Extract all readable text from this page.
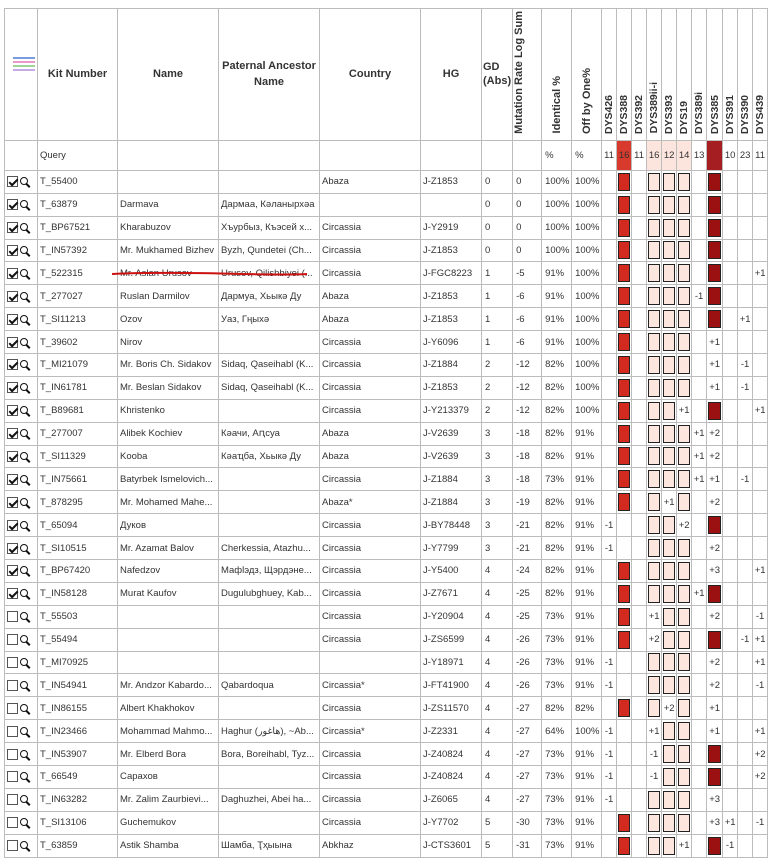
	Kit Number	Name	Paternal Ancestor Name	Country	HG	GD (Abs)	Mutation Rate Log Sum	Identical %	Off by One%	DYS426	DYS388	DYS392	DYS389ii-i	DYS393	DYS19	DYS389i	DYS385	DYS391	DYS390	DYS439
	Query							%	%	11	16	11	16	12	14	13		10	23	11

	T_55400			Abaza	J-Z1853	0	0	100%	100%		

	T_63879	Darmava	Дармаа, Кәланырхәа			0	0	100%	100%		

	T_BP67521	Kharabuzov	Хъурбыз, Къэсей х...	Circassia	J-Y2919	0	0	100%	100%		

	T_IN57392	Mr. Mukhamed Bizhev	Byzh, Qundetei (Ch...	Circassia	J-Z1853	0	0	100%	100%		

	T_522315	Mr. Aslan Urusov	Urusov, Qilishbiyei (...	Circassia	J-FGC8223	1	-5	91%	100%											+1

	T_277027	Ruslan Darmilov	Дармуа, Хьыкә Ду	Abaza	J-Z1853	1	-6	91%	100%							-1	

	T_SI11213	Ozov	Уаз, Гңыхә	Abaza	J-Z1853	1	-6	91%	100%										+1	

	T_39602	Nirov		Circassia	J-Y6096	1	-6	91%	100%								+1			

	T_MI21079	Mr. Boris Ch. Sidakov	Sidaq, Qaseihabl (K...	Circassia	J-Z1884	2	-12	82%	100%								+1		-1	

	T_IN61781	Mr. Beslan Sidakov	Sidaq, Qaseihabl (K...	Circassia	J-Z1853	2	-12	82%	100%								+1		-1	

	T_B89681	Khristenko		Circassia	J-Y213379	2	-12	82%	100%						+1					+1

	T_277007	Alibek Kochiev	Кәачи, Аԥсуа	Abaza	J-V2639	3	-18	82%	91%							+1	+2			

	T_SI11329	Kooba	Кәаҵба, Хьыкә Ду	Abaza	J-V2639	3	-18	82%	91%							+1	+2			

	T_IN75661	Batyrbek Ismelovich...		Circassia	J-Z1884	3	-18	73%	91%							+1	+1		-1	

	T_878295	Mr. Mohamed Mahe...		Abaza*	J-Z1884	3	-19	82%	91%					+1			+2			

	T_65094	Дуков		Circassia	J-BY78448	3	-21	82%	91%	-1					+2		

	T_SI10515	Mr. Azamat Balov	Cherkessia, Atazhu...	Circassia	J-Y7799	3	-21	82%	91%	-1							+2			

	T_BP67420	Nafedzov	Мафӏэдз, Щэрдэне...	Circassia	J-Y5400	4	-24	82%	91%								+3			+1

	T_IN58128	Murat Kaufov	Dugulubghuey, Kab...	Circassia	J-Z7671	4	-25	82%	91%							+1	

	T_55503			Circassia	J-Y20904	4	-25	73%	91%				+1				+2			-1

	T_55494			Circassia	J-ZS6599	4	-26	73%	91%				+2						-1	+1

	T_MI70925				J-Y18971	4	-26	73%	91%	-1							+2			+1

	T_IN54941	Mr. Andzor Kabardo...	Qabardoqua	Circassia*	J-FT41900	4	-26	73%	91%	-1							+2			-1

	T_IN86155	Albert Khakhokov		Circassia	J-ZS11570	4	-27	82%	82%					+2			+1			

	T_IN23466	Mohammad Mahmo...	Haghur (هاغور), ~Ab...	Circassia*	J-Z2331	4	-27	64%	100%	-1			+1				+1			+1

	T_IN53907	Mr. Elberd Bora	Bora, Boreihabl, Tyz...	Circassia	J-Z40824	4	-27	73%	91%	-1			-1							+2

	T_66549	Сарахов		Circassia	J-Z40824	4	-27	73%	91%	-1			-1							+2

	T_IN63282	Mr. Zalim Zaurbievi...	Daghuzhei, Abei ha...	Circassia	J-Z6065	4	-27	73%	91%	-1							+3			

	T_SI13106	Guchemukov		Circassia	J-Y7702	5	-30	73%	91%								+3	+1		-1

	T_63859	Astik Shamba	Шамба, Ҭҳыына	Abkhaz	J-CTS3601	5	-31	73%	91%						+1			-1		
